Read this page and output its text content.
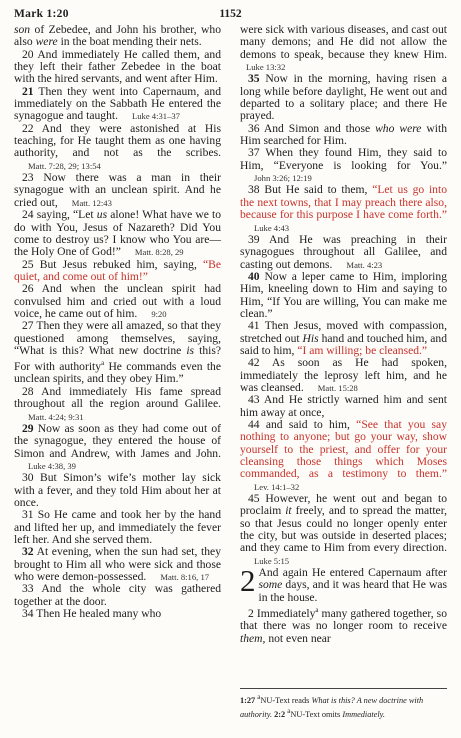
1152
Mark 1:20

son of Zebedee, and John his brother, who also were in the boat mending their nets.

20 And immediately He called them, and they left their father Zebedee in the boat with the hired servants, and went after Him.

21 Then they went into Capernaum, and immediately on the Sabbath He entered the synagogue and taught. Luke 4:31–37

22 And they were astonished at His teaching, for He taught them as one having authority, and not as the scribes.Matt. 7:28, 29; 13:54

23 Now there was a man in their synagogue with an unclean spirit. And he cried out, Matt. 12:43

24 saying, “Let us alone! What have we to do with You, Jesus of Nazareth? Did You come to destroy us? I know who You are—the Holy One of God!” Matt. 8:28, 29

25 But Jesus rebuked him, saying, “Be quiet, and come out of him!”

26 And when the unclean spirit had convulsed him and cried out with a loud voice, he came out of him. 9:20

27 Then they were all amazed, so that they questioned among themselves, saying, “What is this? What new doctrine is this? For with authority$^a$ He commands even the unclean spirits, and they obey Him.”

28 And immediately His fame spread throughout all the region around Galilee.Matt. 4:24; 9:31

29 Now as soon as they had come out of the synagogue, they entered the house of Simon and Andrew, with James and John.Luke 4:38, 39

30 But Simon’s wife’s mother lay sick with a fever, and they told Him about her at once.

31 So He came and took her by the hand and lifted her up, and immediately the fever left her. And she served them.

32 At evening, when the sun had set, they brought to Him all who were sick and those who were demon-possessed. Matt. 8:16, 17

33 And the whole city was gathered together at the door.

34 Then He healed many who

were sick with various diseases, and cast out many demons; and He did not allow the demons to speak, because they knew Him.Luke 13:32

35 Now in the morning, having risen a long while before daylight, He went out and departed to a solitary place; and there He prayed.

36 And Simon and those who were with Him searched for Him.

37 When they found Him, they said to Him, “Everyone is looking for You.”John 3:26; 12:19

38 But He said to them, “Let us go into the next towns, that I may preach there also, because for this purpose I have come forth.”Luke 4:43

39 And He was preaching in their synagogues throughout all Galilee, and casting out demons. Matt. 4:23

40 Now a leper came to Him, imploring Him, kneeling down to Him and saying to Him, “If You are willing, You can make me clean.”

41 Then Jesus, moved with compassion, stretched out His hand and touched him, and said to him, “I am willing; be cleansed.”

42 As soon as He had spoken, immediately the leprosy left him, and he was cleansed. Matt. 15:28

43 And He strictly warned him and sent him away at once,

44 and said to him, “See that you say nothing to anyone; but go your way, show yourself to the priest, and offer for your cleansing those things which Moses commanded, as a testimony to them.”Lev. 14:1–32

45 However, he went out and began to proclaim it freely, and to spread the matter, so that Jesus could no longer openly enter the city, but was outside in deserted places; and they came to Him from every direction.Luke 5:15

2 And again He entered Capernaum after some days, and it was heard that He was in the house.

2 Immediately$^a$ many gathered together, so that there was no longer room to receive them, not even near

1:27 $^a$NU-Text reads What is this? A new doctrine with authority. 2:2 $^a$NU-Text omits Immediately.
